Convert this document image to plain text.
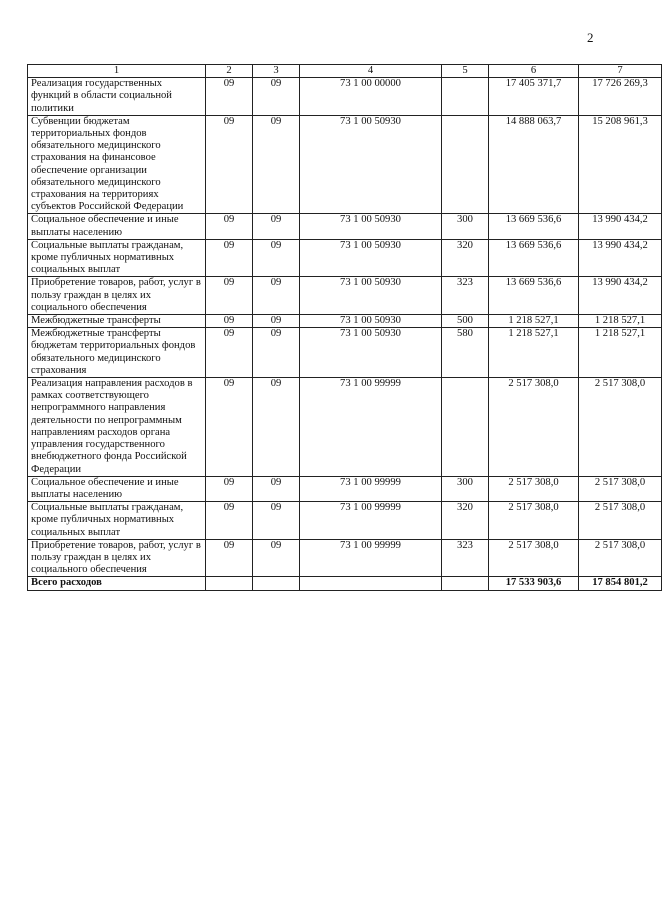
2
1	2	3	4	5	6	7
Реализация государственных функций в области социальной политики	09	09	73 1 00 00000		17 405 371,7	17 726 269,3
Субвенции бюджетам территориальных фондов обязательного медицинского страхования на финансовое обеспечение организации обязательного медицинского страхования на территориях субъектов Российской Федерации	09	09	73 1 00 50930		14 888 063,7	15 208 961,3
Социальное обеспечение и иные выплаты населению	09	09	73 1 00 50930	300	13 669 536,6	13 990 434,2
Социальные выплаты гражданам, кроме публичных нормативных социальных выплат	09	09	73 1 00 50930	320	13 669 536,6	13 990 434,2
Приобретение товаров, работ, услуг в пользу граждан в целях их социального обеспечения	09	09	73 1 00 50930	323	13 669 536,6	13 990 434,2
Межбюджетные трансферты	09	09	73 1 00 50930	500	1 218 527,1	1 218 527,1
Межбюджетные трансферты бюджетам территориальных фондов обязательного медицинского страхования	09	09	73 1 00 50930	580	1 218 527,1	1 218 527,1
Реализация направления расходов в рамках соответствующего непрограммного направления деятельности по непрограммным направлениям расходов органа управления государственного внебюджетного фонда Российской Федерации	09	09	73 1 00 99999		2 517 308,0	2 517 308,0
Социальное обеспечение и иные выплаты населению	09	09	73 1 00 99999	300	2 517 308,0	2 517 308,0
Социальные выплаты гражданам, кроме публичных нормативных социальных выплат	09	09	73 1 00 99999	320	2 517 308,0	2 517 308,0
Приобретение товаров, работ, услуг в пользу граждан в целях их социального обеспечения	09	09	73 1 00 99999	323	2 517 308,0	2 517 308,0
Всего расходов					17 533 903,6	17 854 801,2
